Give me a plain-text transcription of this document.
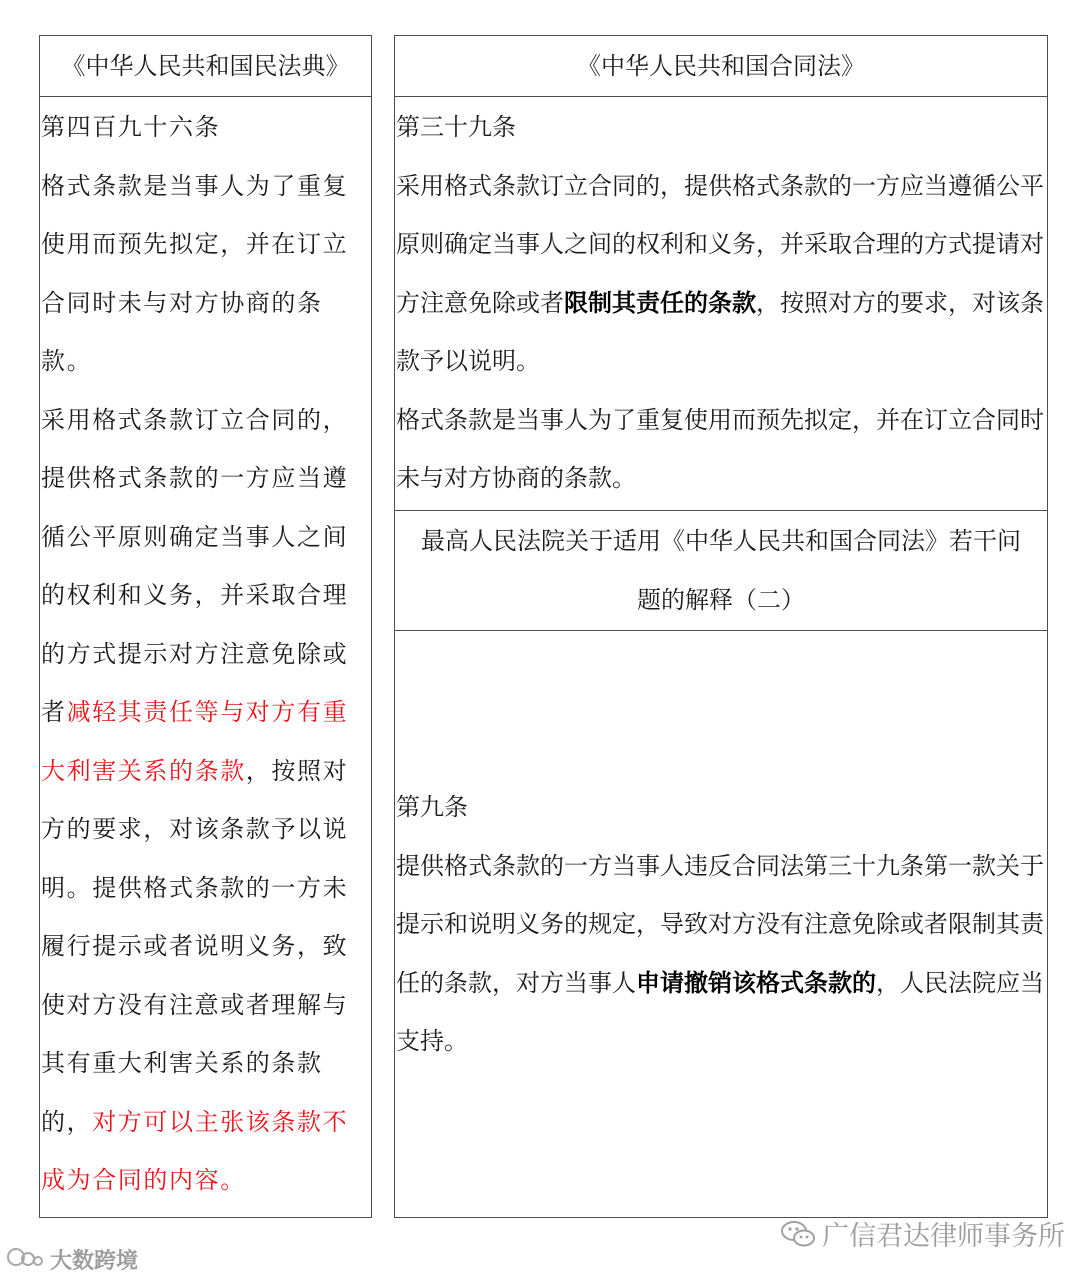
《中华人民共和国民法典》	《中华人民共和国合同法》

第四百九十六条

格式条款是当事人为了重复使用而预先拟定，并在订立合同时未与对方协商的条款。

采用格式条款订立合同的，提供格式条款的一方应当遵循公平原则确定当事人之间的权利和义务，并采取合理的方式提示对方注意免除或者减轻其责任等与对方有重大利害关系的条款，按照对方的要求，对该条款予以说明。提供格式条款的一方未履行提示或者说明义务，致使对方没有注意或者理解与其有重大利害关系的条款的，对方可以主张该条款不成为合同的内容。

第三十九条

采用格式条款订立合同的，提供格式条款的一方应当遵循公平原则确定当事人之间的权利和义务，并采取合理的方式提请对方注意免除或者限制其责任的条款，按照对方的要求，对该条款予以说明。

格式条款是当事人为了重复使用而预先拟定，并在订立合同时未与对方协商的条款。

最高人民法院关于适用《中华人民共和国合同法》若干问

题的解释（二）

第九条

提供格式条款的一方当事人违反合同法第三十九条第一款关于提示和说明义务的规定，导致对方没有注意免除或者限制其责任的条款，对方当事人申请撤销该格式条款的，人民法院应当支持。

大数跨境
广信君达律师事务所
